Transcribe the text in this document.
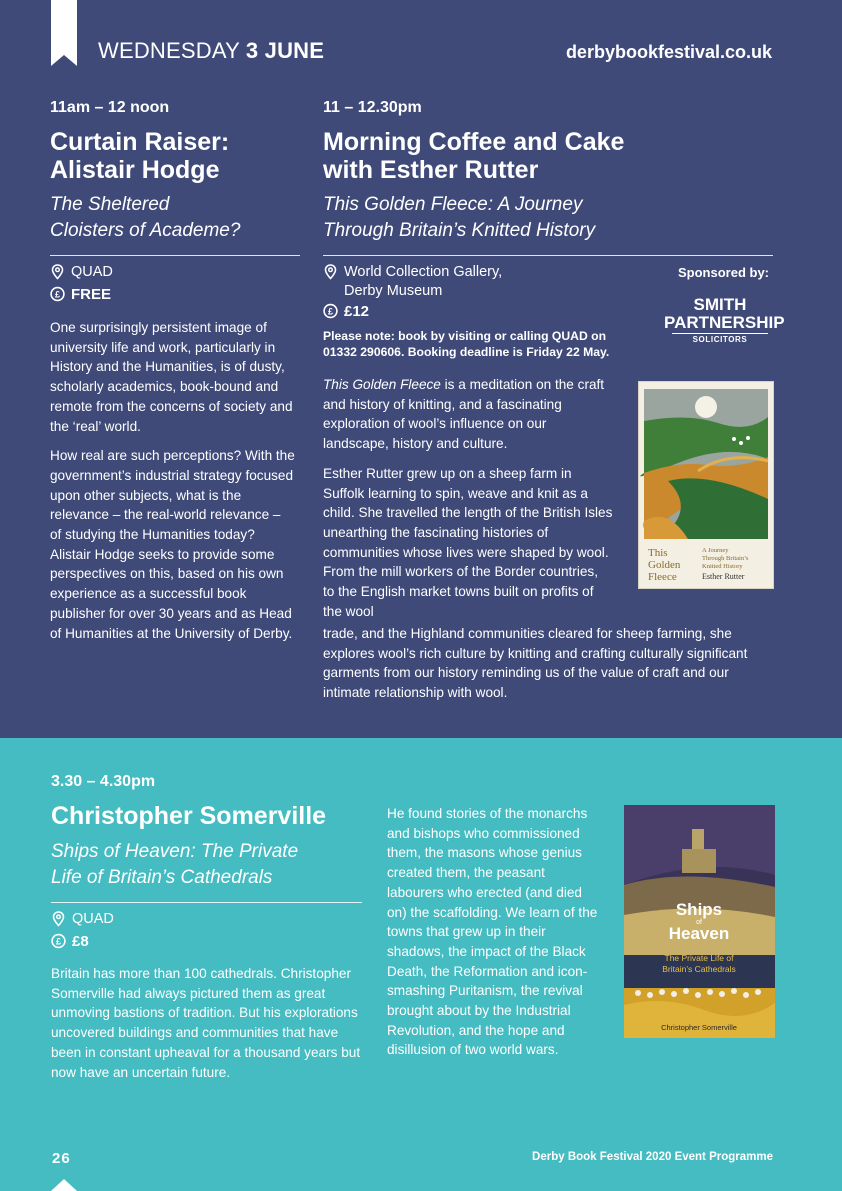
WEDNESDAY 3 JUNE	derbybookfestival.co.uk
11am – 12 noon
Curtain Raiser:
Alistair Hodge
The Sheltered
Cloisters of Academe?
QUAD
£ FREE

One surprisingly persistent image of university life and work, particularly in History and the Humanities, is of dusty, scholarly academics, book-bound and remote from the concerns of society and the ‘real’ world.

How real are such perceptions? With the government’s industrial strategy focused upon other subjects, what is the relevance – the real-world relevance – of studying the Humanities today? Alistair Hodge seeks to provide some perspectives on this, based on his own experience as a successful book publisher for over 30 years and as Head of Humanities at the University of Derby.

11 – 12.30pm
Morning Coffee and Cake
with Esther Rutter
This Golden Fleece: A Journey
Through Britain’s Knitted History
World Collection Gallery,
Derby Museum
£ £12
Please note: book by visiting or calling QUAD on
01332 290606. Booking deadline is Friday 22 May.
Sponsored by:
SMITH
PARTNERSHIP
SOLICITORS

This Golden Fleece is a meditation on the craft and history of knitting, and a fascinating exploration of wool’s influence on our landscape, history and culture.

Esther Rutter grew up on a sheep farm in Suffolk learning to spin, weave and knit as a child. She travelled the length of the British Isles unearthing the fascinating histories of communities whose lives were shaped by wool. From the mill workers of the Border countries, to the English market towns built on profits of the wool

trade, and the Highland communities cleared for sheep farming, she explores wool’s rich culture by knitting and crafting culturally significant garments from our history reminding us of the value of craft and our intimate relationship with wool.
This
Golden
Fleece
A Journey
Through Britain’s
Knitted History
Esther Rutter
3.30 – 4.30pm
Christopher Somerville
Ships of Heaven: The Private
Life of Britain’s Cathedrals
QUAD
£ £8
Britain has more than 100 cathedrals. Christopher Somerville had always pictured them as great unmoving bastions of tradition. But his explorations uncovered buildings and communities that have been in constant upheaval for a thousand years but now have an uncertain future.
He found stories of the monarchs and bishops who commissioned them, the masons whose genius created them, the peasant labourers who erected (and died on) the scaffolding. We learn of the towns that grew up in their shadows, the impact of the Black Death, the Reformation and icon-smashing Puritanism, the revival brought about by the Industrial Revolution, and the hope and disillusion of two world wars.
Ships
of
Heaven
The Private Life of
Britain’s Cathedrals
Christopher Somerville
26	Derby Book Festival 2020 Event Programme
